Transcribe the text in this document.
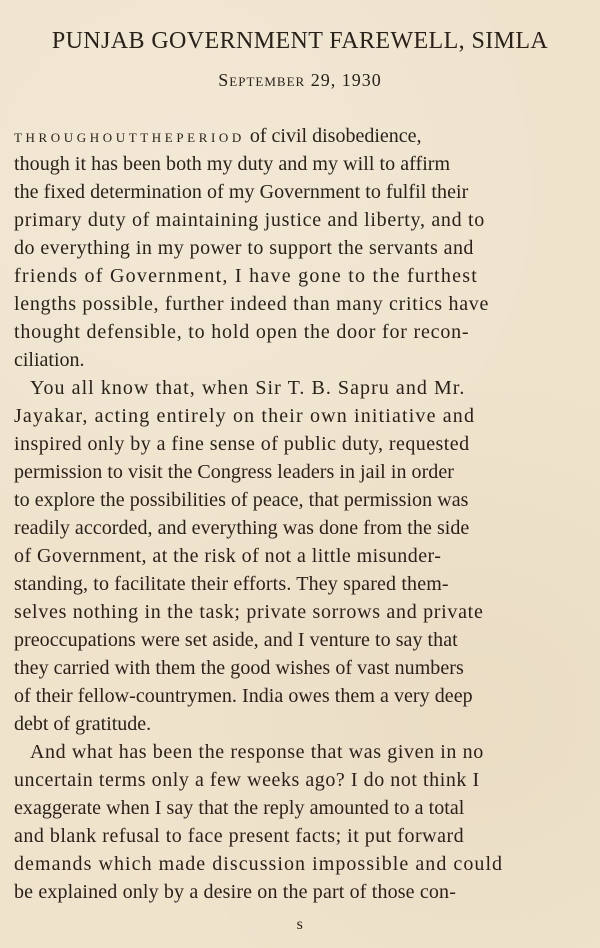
PUNJAB GOVERNMENT FAREWELL, SIMLA
September 29, 1930
THROUGHOUTTHEPERIOD of civil disobedience,
though it has been both my duty and my will to affirm
the fixed determination of my Government to fulfil their
primary duty of maintaining justice and liberty, and to
do everything in my power to support the servants and
friends of Government, I have gone to the furthest
lengths possible, further indeed than many critics have
thought defensible, to hold open the door for recon-
ciliation.
You all know that, when Sir T. B. Sapru and Mr.
Jayakar, acting entirely on their own initiative and
inspired only by a fine sense of public duty, requested
permission to visit the Congress leaders in jail in order
to explore the possibilities of peace, that permission was
readily accorded, and everything was done from the side
of Government, at the risk of not a little misunder-
standing, to facilitate their efforts. They spared them-
selves nothing in the task; private sorrows and private
preoccupations were set aside, and I venture to say that
they carried with them the good wishes of vast numbers
of their fellow-countrymen. India owes them a very deep
debt of gratitude.
And what has been the response that was given in no
uncertain terms only a few weeks ago? I do not think I
exaggerate when I say that the reply amounted to a total
and blank refusal to face present facts; it put forward
demands which made discussion impossible and could
be explained only by a desire on the part of those con-
s
